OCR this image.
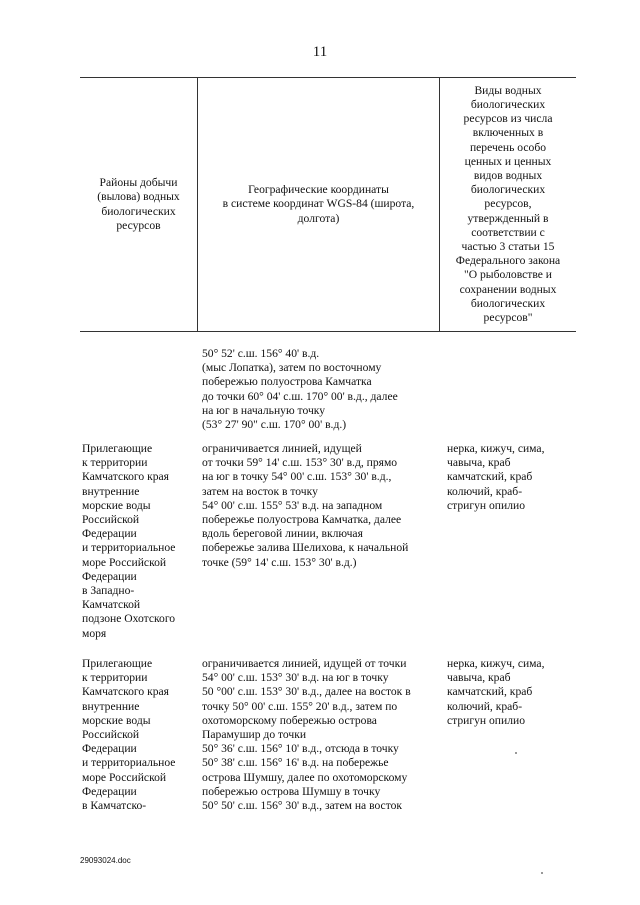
11
Районы добычи
(вылова) водных
биологических
ресурсов
Географические координаты
в системе координат WGS-84 (широта,
долгота)
Виды водных
биологических
ресурсов из числа
включенных в
перечень особо
ценных и ценных
видов водных
биологических
ресурсов,
утвержденный в
соответствии с
частью 3 статьи 15
Федерального закона
"О рыболовстве и
сохранении водных
биологических
ресурсов"
50° 52' с.ш. 156° 40' в.д.
(мыс Лопатка), затем по восточному
побережью полуострова Камчатка
до точки 60° 04' с.ш. 170° 00' в.д., далее
на юг в начальную точку
(53° 27' 90" с.ш. 170° 00' в.д.)
Прилегающие
к территории
Камчатского края
внутренние
морские воды
Российской
Федерации
и территориальное
море Российской
Федерации
в Западно-
Камчатской
подзоне Охотского
моря
ограничивается линией, идущей
от точки 59° 14' с.ш. 153° 30' в.д, прямо
на юг в точку 54° 00' с.ш. 153° 30' в.д.,
затем на восток в точку
54° 00' с.ш. 155° 53' в.д. на западном
побережье полуострова Камчатка, далее
вдоль береговой линии, включая
побережье залива Шелихова, к начальной
точке (59° 14' с.ш. 153° 30' в.д.)
нерка, кижуч, сима,
чавыча, краб
камчатский, краб
колючий, краб-
стригун опилио
Прилегающие
к территории
Камчатского края
внутренние
морские воды
Российской
Федерации
и территориальное
море Российской
Федерации
в Камчатско-
ограничивается линией, идущей от точки
54° 00' с.ш. 153° 30' в.д. на юг в точку
50 °00' с.ш. 153° 30' в.д., далее на восток в
точку 50° 00' с.ш. 155° 20' в.д., затем по
охотоморскому побережью острова
Парамушир до точки
50° 36' с.ш. 156° 10' в.д., отсюда в точку
50° 38' с.ш. 156° 16' в.д. на побережье
острова Шумшу, далее по охотоморскому
побережью острова Шумшу в точку
50° 50' с.ш. 156° 30' в.д., затем на восток
нерка, кижуч, сима,
чавыча, краб
камчатский, краб
колючий, краб-
стригун опилио
29093024.doc
